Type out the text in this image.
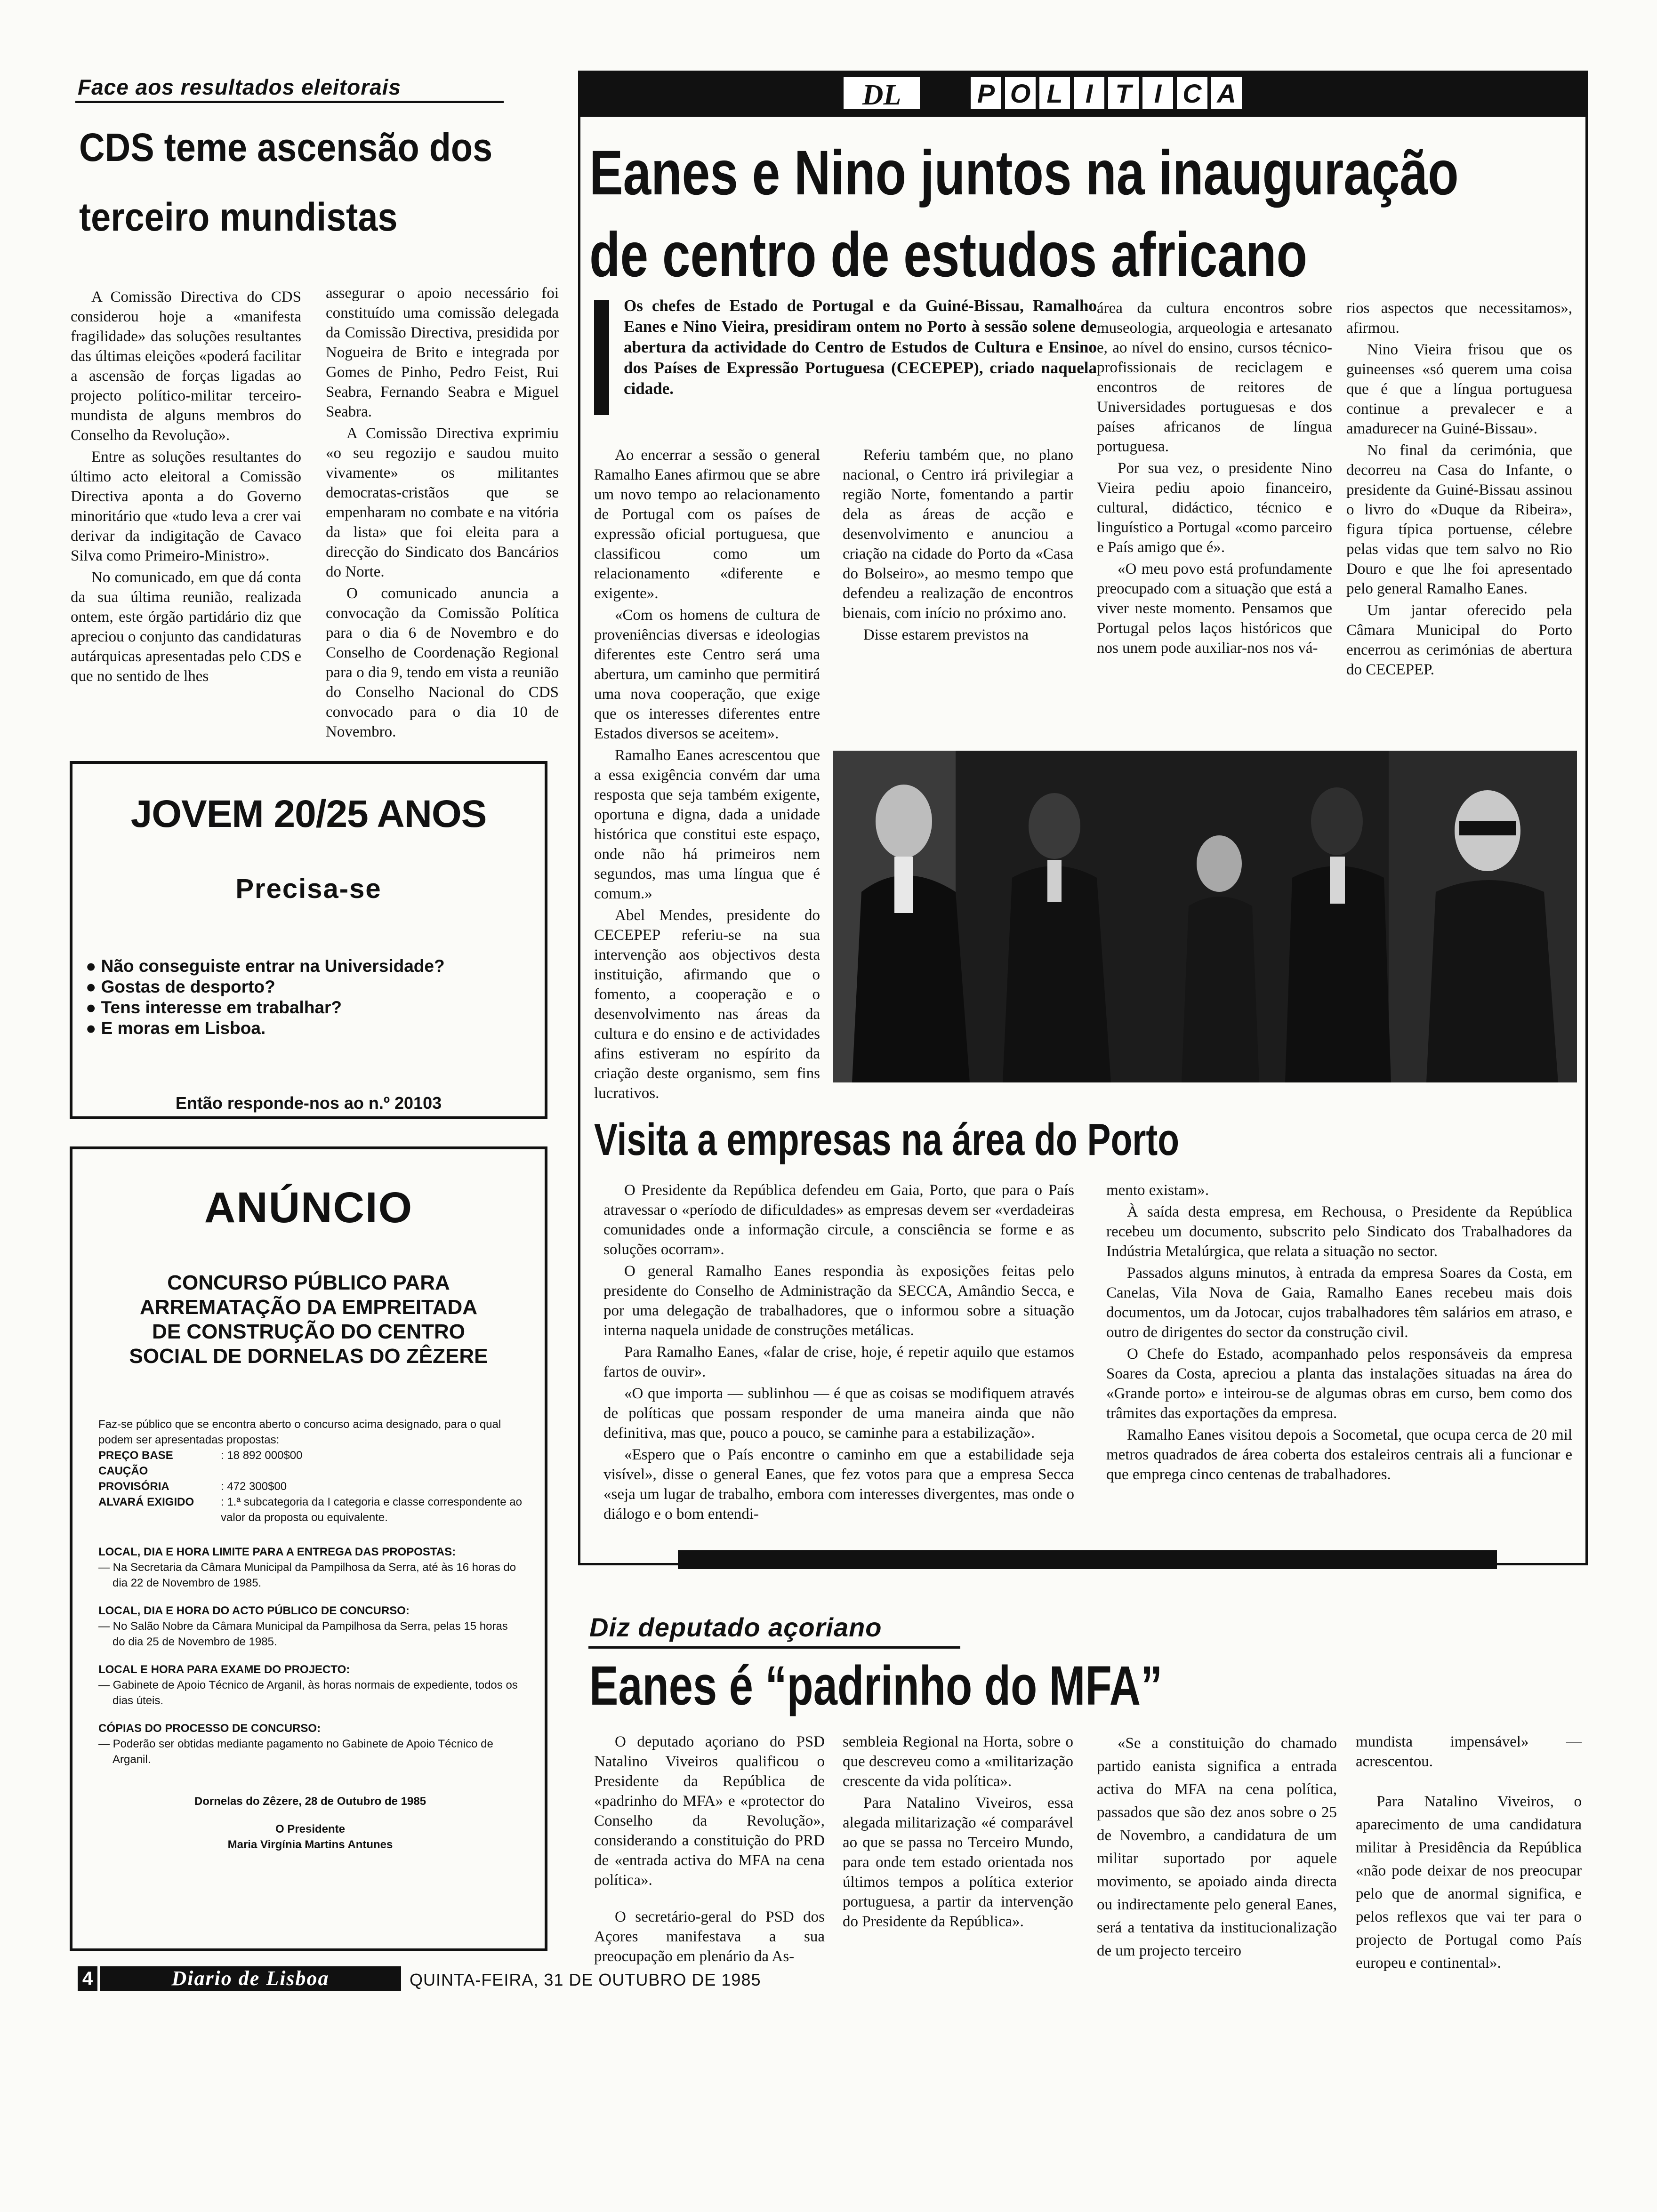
Face aos resultados eleitorais
CDS teme ascensão dos
terceiro mundistas

A Comissão Directiva do CDS considerou hoje a «manifesta fragilidade» das soluções resultantes das últimas eleições «poderá facilitar a ascensão de forças ligadas ao projecto político-militar terceiro-mundista de alguns membros do Conselho da Revolução».

Entre as soluções resultantes do último acto eleitoral a Comissão Directiva aponta a do Governo minoritário que «tudo leva a crer vai derivar da indigitação de Cavaco Silva como Primeiro-Ministro».

No comunicado, em que dá conta da sua última reunião, realizada ontem, este órgão partidário diz que apreciou o conjunto das candidaturas autárquicas apresentadas pelo CDS e que no sentido de lhes

assegurar o apoio necessário foi constituído uma comissão delegada da Comissão Directiva, presidida por Nogueira de Brito e integrada por Gomes de Pinho, Pedro Feist, Rui Seabra, Fernando Seabra e Miguel Seabra.

A Comissão Directiva exprimiu «o seu regozijo e saudou muito vivamente» os militantes democratas-cristãos que se empenharam no combate e na vitória da lista» que foi eleita para a direcção do Sindicato dos Bancários do Norte.

O comunicado anuncia a convocação da Comissão Política para o dia 6 de Novembro e do Conselho de Coordenação Regional para o dia 9, tendo em vista a reunião do Conselho Nacional do CDS convocado para o dia 10 de Novembro.

JOVEM 20/25 ANOS
Precisa-se
● Não conseguiste entrar na Universidade?
● Gostas de desporto?
● Tens interesse em trabalhar?
● E moras em Lisboa.
Então responde-nos ao n.º 20103
ANÚNCIO
CONCURSO PÚBLICO PARA
ARREMATAÇÃO DA EMPREITADA
DE CONSTRUÇÃO DO CENTRO
SOCIAL DE DORNELAS DO ZÊZERE
Faz-se público que se encontra aberto o concurso acima designado, para o qual podem ser apresentadas propostas:
PREÇO BASE	: 18 892 000$00
CAUÇÃO PROVISÓRIA	: 472 300$00
ALVARÁ EXIGIDO	: 1.ª subcategoria da I categoria e classe correspondente ao valor da proposta ou equivalente.
LOCAL, DIA E HORA LIMITE PARA A ENTREGA DAS PROPOSTAS:
— Na Secretaria da Câmara Municipal da Pampilhosa da Serra, até às 16 horas do dia 22 de Novembro de 1985.
LOCAL, DIA E HORA DO ACTO PÚBLICO DE CONCURSO:
— No Salão Nobre da Câmara Municipal da Pampilhosa da Serra, pelas 15 horas do dia 25 de Novembro de 1985.
LOCAL E HORA PARA EXAME DO PROJECTO:
— Gabinete de Apoio Técnico de Arganil, às horas normais de expediente, todos os dias úteis.
CÓPIAS DO PROCESSO DE CONCURSO:
— Poderão ser obtidas mediante pagamento no Gabinete de Apoio Técnico de Arganil.
Dornelas do Zêzere, 28 de Outubro de 1985
O Presidente
Maria Virgínia Martins Antunes
DL	P O L I T I C A
Eanes e Nino juntos na inauguração
de centro de estudos africano
Os chefes de Estado de Portugal e da Guiné-Bissau, Ramalho Eanes e Nino Vieira, presidiram ontem no Porto à sessão solene de abertura da actividade do Centro de Estudos de Cultura e Ensino dos Países de Expressão Portuguesa (CECEPEP), criado naquela cidade.

Ao encerrar a sessão o general Ramalho Eanes afirmou que se abre um novo tempo ao relacionamento de Portugal com os países de expressão oficial portuguesa, que classificou como um relacionamento «diferente e exigente».

«Com os homens de cultura de proveniências diversas e ideologias diferentes este Centro será uma abertura, um caminho que permitirá uma nova cooperação, que exige que os interesses diferentes entre Estados diversos se aceitem».

Ramalho Eanes acrescentou que a essa exigência convém dar uma resposta que seja também exigente, oportuna e digna, dada a unidade histórica que constitui este espaço, onde não há primeiros nem segundos, mas uma língua que é comum.»

Abel Mendes, presidente do CECEPEP referiu-se na sua intervenção aos objectivos desta instituição, afirmando que o fomento, a cooperação e o desenvolvimento nas áreas da cultura e do ensino e de actividades afins estiveram no espírito da criação deste organismo, sem fins lucrativos.

Referiu também que, no plano nacional, o Centro irá privilegiar a região Norte, fomentando a partir dela as áreas de acção e desenvolvimento e anunciou a criação na cidade do Porto da «Casa do Bolseiro», ao mesmo tempo que defendeu a realização de encontros bienais, com início no próximo ano.

Disse estarem previstos na

área da cultura encontros sobre museologia, arqueologia e artesanato e, ao nível do ensino, cursos técnico-profissionais de reciclagem e encontros de reitores de Universidades portuguesas e dos países africanos de língua portuguesa.

Por sua vez, o presidente Nino Vieira pediu apoio financeiro, cultural, didáctico, técnico e linguístico a Portugal «como parceiro e País amigo que é».

«O meu povo está profundamente preocupado com a situação que está a viver neste momento. Pensamos que Portugal pelos laços históricos que nos unem pode auxiliar-nos nos vá-

rios aspectos que necessitamos», afirmou.

Nino Vieira frisou que os guineenses «só querem uma coisa que é que a língua portuguesa continue a prevalecer e a amadurecer na Guiné-Bissau».

No final da cerimónia, que decorreu na Casa do Infante, o presidente da Guiné-Bissau assinou o livro do «Duque da Ribeira», figura típica portuense, célebre pelas vidas que tem salvo no Rio Douro e que lhe foi apresentado pelo general Ramalho Eanes.

Um jantar oferecido pela Câmara Municipal do Porto encerrou as cerimónias de abertura do CECEPEP.

Visita a empresas na área do Porto

O Presidente da República defendeu em Gaia, Porto, que para o País atravessar o «período de dificuldades» as empresas devem ser «verdadeiras comunidades onde a informação circule, a consciência se forme e as soluções ocorram».

O general Ramalho Eanes respondia às exposições feitas pelo presidente do Conselho de Administração da SECCA, Amândio Secca, e por uma delegação de trabalhadores, que o informou sobre a situação interna naquela unidade de construções metálicas.

Para Ramalho Eanes, «falar de crise, hoje, é repetir aquilo que estamos fartos de ouvir».

«O que importa — sublinhou — é que as coisas se modifiquem através de políticas que possam responder de uma maneira ainda que não definitiva, mas que, pouco a pouco, se caminhe para a estabilização».

«Espero que o País encontre o caminho em que a estabilidade seja visível», disse o general Eanes, que fez votos para que a empresa Secca «seja um lugar de trabalho, embora com interesses divergentes, mas onde o diálogo e o bom entendi-

mento existam».

À saída desta empresa, em Rechousa, o Presidente da República recebeu um documento, subscrito pelo Sindicato dos Trabalhadores da Indústria Metalúrgica, que relata a situação no sector.

Passados alguns minutos, à entrada da empresa Soares da Costa, em Canelas, Vila Nova de Gaia, Ramalho Eanes recebeu mais dois documentos, um da Jotocar, cujos trabalhadores têm salários em atraso, e outro de dirigentes do sector da construção civil.

O Chefe do Estado, acompanhado pelos responsáveis da empresa Soares da Costa, apreciou a planta das instalações situadas na área do «Grande porto» e inteirou-se de algumas obras em curso, bem como dos trâmites das exportações da empresa.

Ramalho Eanes visitou depois a Socometal, que ocupa cerca de 20 mil metros quadrados de área coberta dos estaleiros centrais ali a funcionar e que emprega cinco centenas de trabalhadores.

Diz deputado açoriano
Eanes é “padrinho do MFA”

O deputado açoriano do PSD Natalino Viveiros qualificou o Presidente da República de «padrinho do MFA» e «protector do Conselho da Revolução», considerando a constituição do PRD de «entrada activa do MFA na cena política».

O secretário-geral do PSD dos Açores manifestava a sua preocupação em plenário da As-

sembleia Regional na Horta, sobre o que descreveu como a «militarização crescente da vida política».

Para Natalino Viveiros, essa alegada militarização «é comparável ao que se passa no Terceiro Mundo, para onde tem estado orientada nos últimos tempos a política exterior portuguesa, a partir da intervenção do Presidente da República».

«Se a constituição do chamado partido eanista significa a entrada activa do MFA na cena política, passados que são dez anos sobre o 25 de Novembro, a candidatura de um militar suportado por aquele movimento, se apoiado ainda directa ou indirectamente pelo general Eanes, será a tentativa da institucionalização de um projecto terceiro

mundista impensável» — acrescentou.

Para Natalino Viveiros, o aparecimento de uma candidatura militar à Presidência da República «não pode deixar de nos preocupar pelo que de anormal significa, e pelos reflexos que vai ter para o projecto de Portugal como País europeu e continental».

4	Diario de Lisboa	QUINTA-FEIRA, 31 DE OUTUBRO DE 1985
